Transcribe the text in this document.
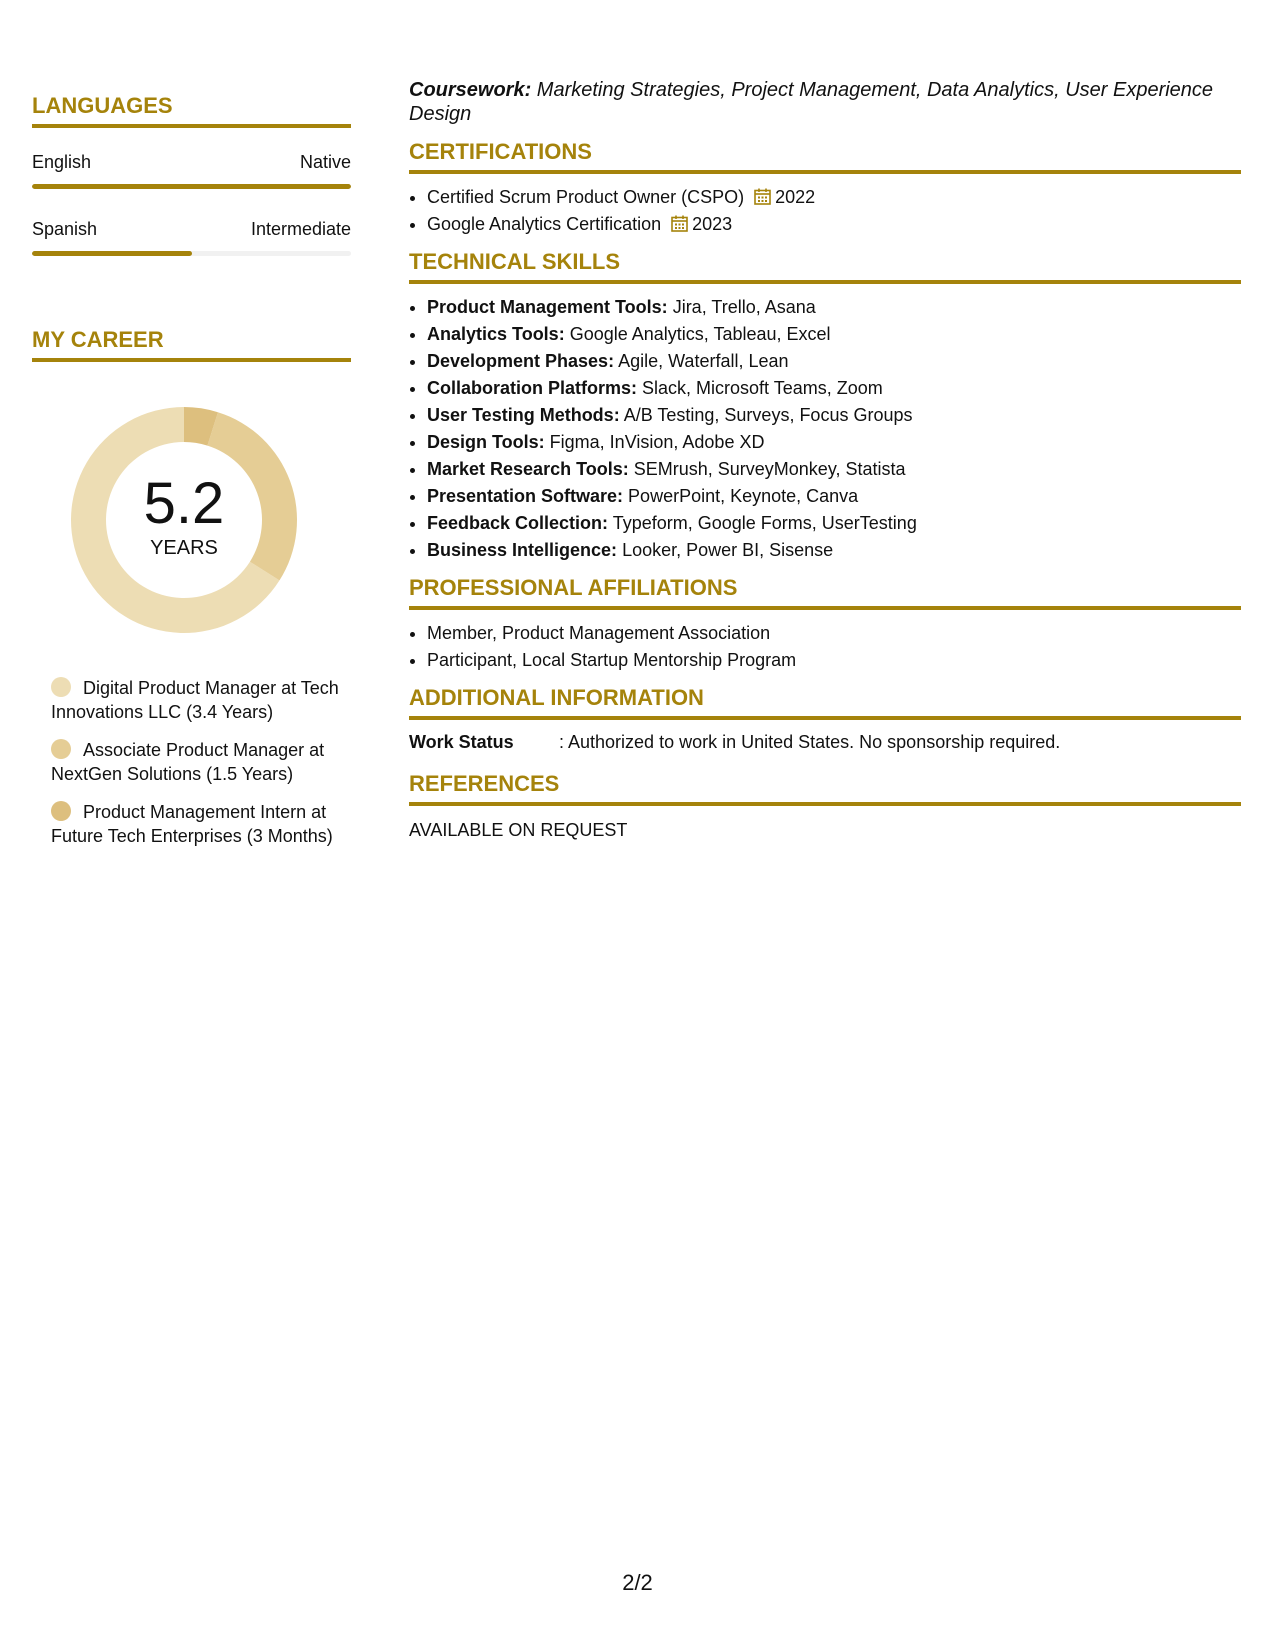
LANGUAGES
English	Native
Spanish	Intermediate
MY CAREER
5.2
YEARS
Digital Product Manager at Tech Innovations LLC (3.4 Years)
Associate Product Manager at NextGen Solutions (1.5 Years)
Product Management Intern at Future Tech Enterprises (3 Months)

Coursework: Marketing Strategies, Project Management, Data Analytics, User Experience Design

CERTIFICATIONS
• Certified Scrum Product Owner (CSPO) 2022
• Google Analytics Certification 2023
TECHNICAL SKILLS
• Product Management Tools: Jira, Trello, Asana
• Analytics Tools: Google Analytics, Tableau, Excel
• Development Phases: Agile, Waterfall, Lean
• Collaboration Platforms: Slack, Microsoft Teams, Zoom
• User Testing Methods: A/B Testing, Surveys, Focus Groups
• Design Tools: Figma, InVision, Adobe XD
• Market Research Tools: SEMrush, SurveyMonkey, Statista
• Presentation Software: PowerPoint, Keynote, Canva
• Feedback Collection: Typeform, Google Forms, UserTesting
• Business Intelligence: Looker, Power BI, Sisense
PROFESSIONAL AFFILIATIONS
• Member, Product Management Association
• Participant, Local Startup Mentorship Program
ADDITIONAL INFORMATION
Work Status	: Authorized to work in United States. No sponsorship required.
REFERENCES
AVAILABLE ON REQUEST
2/2
